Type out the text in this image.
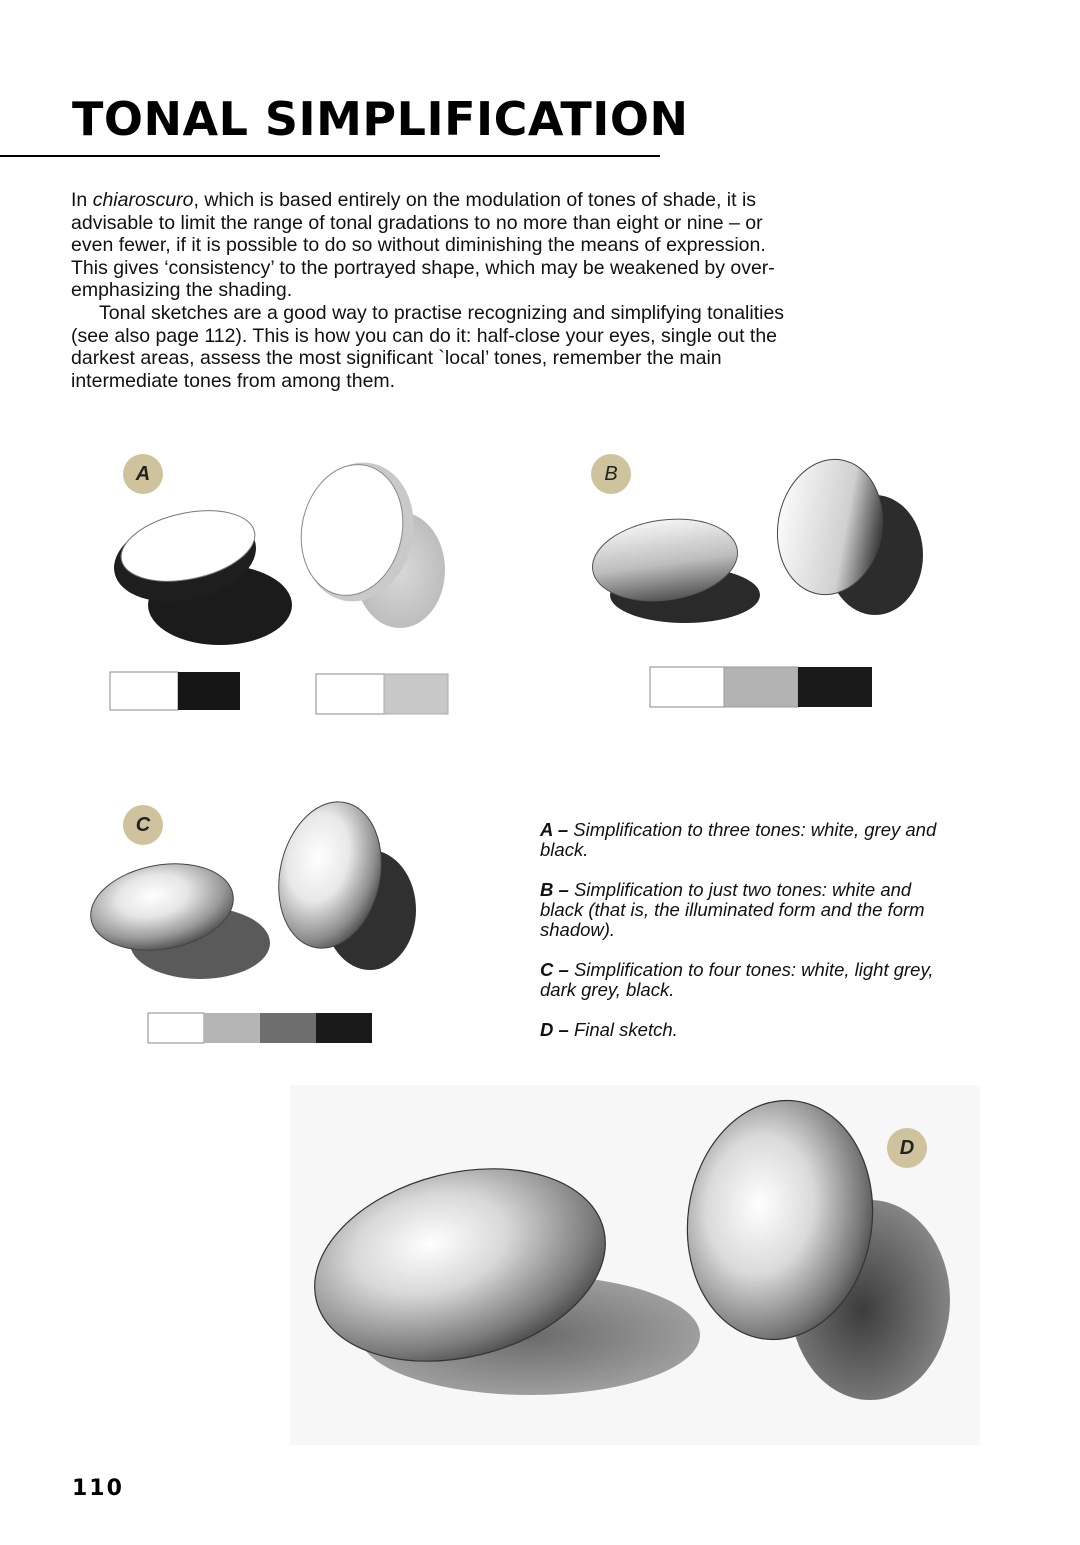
TONAL SIMPLIFICATION

In chiaroscuro, which is based entirely on the modulation of tones of shade, it is advisable to limit the range of tonal gradations to no more than eight or nine – or even fewer, if it is possible to do so without diminishing the means of expression. This gives ‘consistency’ to the portrayed shape, which may be weakened by over-emphasizing the shading.

Tonal sketches are a good way to practise recognizing and simplifying tonalities (see also page 112). This is how you can do it: half-close your eyes, single out the darkest areas, assess the most significant `local’ tones, remember the main intermediate tones from among them.

A	B
C	A – Simplification to three tones: white, grey and black.

B – Simplification to just two tones: white and black (that is, the illuminated form and the form shadow).

C – Simplification to four tones: white, light grey, dark grey, black.

D – Final sketch.

D
110
